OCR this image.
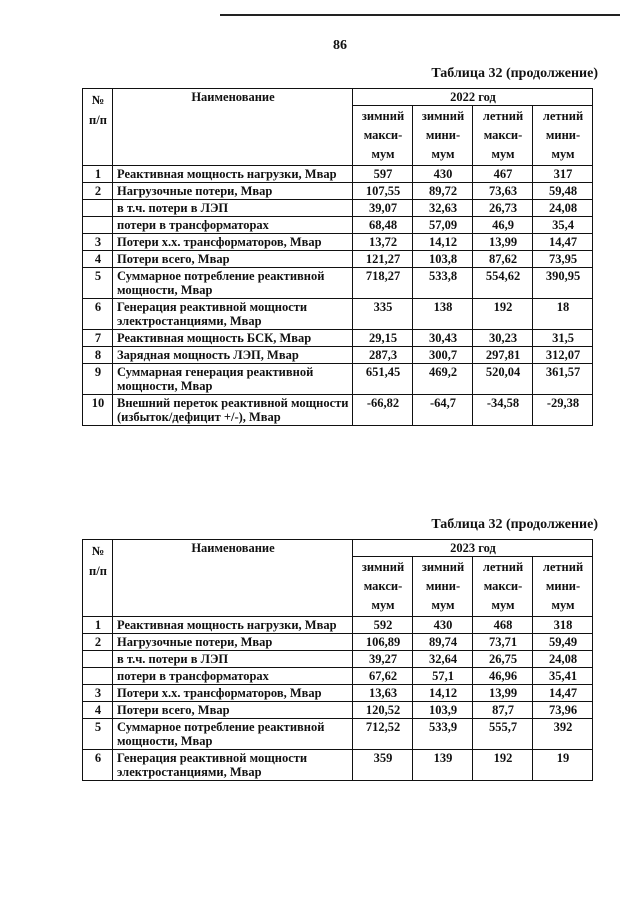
86
Таблица 32 (продолжение)
№
п/п	Наименование	2022 год			

		зимний
макси-
мум	зимний
мини-
мум	летний
макси-
мум	летний
мини-
мум

1	Реактивная мощность нагрузки, Мвар	597	430	467	317
2	Нагрузочные потери, Мвар	107,55	89,72	73,63	59,48
	в т.ч. потери в ЛЭП	39,07	32,63	26,73	24,08
	потери в трансформаторах	68,48	57,09	46,9	35,4
3	Потери х.х. трансформаторов, Мвар	13,72	14,12	13,99	14,47
4	Потери всего, Мвар	121,27	103,8	87,62	73,95
5	Суммарное потребление реактивной мощности, Мвар	718,27	533,8	554,62	390,95
6	Генерация реактивной мощности электростанциями, Мвар	335	138	192	18
7	Реактивная мощность БСК, Мвар	29,15	30,43	30,23	31,5
8	Зарядная мощность ЛЭП, Мвар	287,3	300,7	297,81	312,07
9	Суммарная генерация реактивной мощности, Мвар	651,45	469,2	520,04	361,57
10	Внешний переток реактивной мощности (избыток/дефицит +/-), Мвар	-66,82	-64,7	-34,58	-29,38
Таблица 32 (продолжение)
№
п/п	Наименование	2023 год			

		зимний
макси-
мум	зимний
мини-
мум	летний
макси-
мум	летний
мини-
мум

1	Реактивная мощность нагрузки, Мвар	592	430	468	318
2	Нагрузочные потери, Мвар	106,89	89,74	73,71	59,49
	в т.ч. потери в ЛЭП	39,27	32,64	26,75	24,08
	потери в трансформаторах	67,62	57,1	46,96	35,41
3	Потери х.х. трансформаторов, Мвар	13,63	14,12	13,99	14,47
4	Потери всего, Мвар	120,52	103,9	87,7	73,96
5	Суммарное потребление реактивной мощности, Мвар	712,52	533,9	555,7	392
6	Генерация реактивной мощности электростанциями, Мвар	359	139	192	19
